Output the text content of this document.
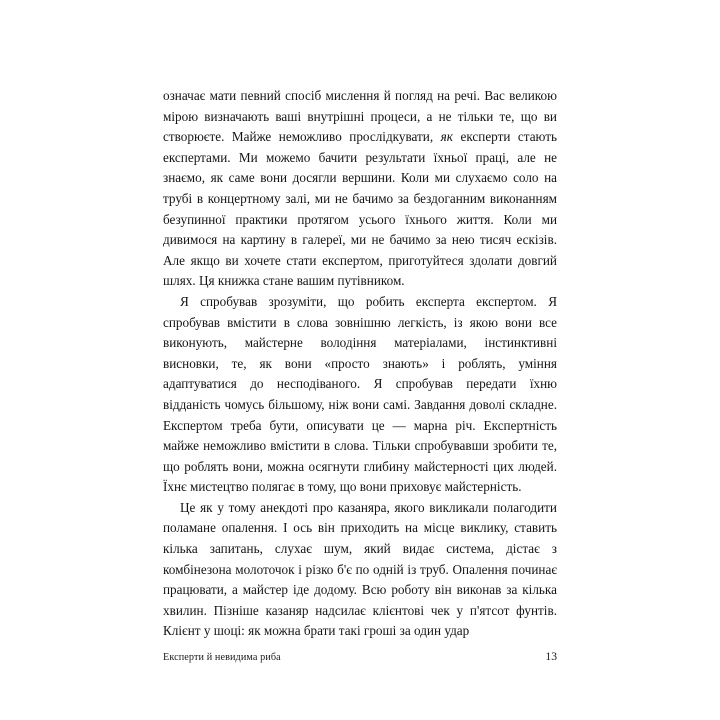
означає мати певний спосіб мислення й погляд на речі. Вас великою мірою визначають ваші внутрішні процеси, а не тільки те, що ви створюєте. Майже неможливо прослідкувати, як експерти стають експертами. Ми можемо бачити результати їхньої праці, але не знаємо, як саме вони досягли вершини. Коли ми слухаємо соло на трубі в концертному залі, ми не бачимо за бездоганним виконанням безупинної практики протягом усього їхнього життя. Коли ми дивимося на картину в галереї, ми не бачимо за нею тисяч ескізів. Але якщо ви хочете стати експертом, приготуйтеся здолати довгий шлях. Ця книжка стане вашим путівником.

Я спробував зрозуміти, що робить експерта експертом. Я спробував вмістити в слова зовнішню легкість, із якою вони все виконують, майстерне володіння матеріалами, інстинктивні висновки, те, як вони «просто знають» і роблять, уміння адаптуватися до несподіваного. Я спробував передати їхню відданість чомусь більшому, ніж вони самі. Завдання доволі складне. Експертом треба бути, описувати це — марна річ. Експертність майже неможливо вмістити в слова. Тільки спробувавши зробити те, що роблять вони, можна осягнути глибину майстерності цих людей. Їхнє мистецтво полягає в тому, що вони приховує майстерність.

Це як у тому анекдоті про казаняра, якого викликали полагодити поламане опалення. І ось він приходить на місце виклику, ставить кілька запитань, слухає шум, який видає система, дістає з комбінезона молоточок і різко б'є по одній із труб. Опалення починає працювати, а майстер іде додому. Всю роботу він виконав за кілька хвилин. Пізніше казаняр надсилає клієнтові чек у п'ятсот фунтів. Клієнт у шоці: як можна брати такі гроші за один удар

Експерти й невидима риба	13
